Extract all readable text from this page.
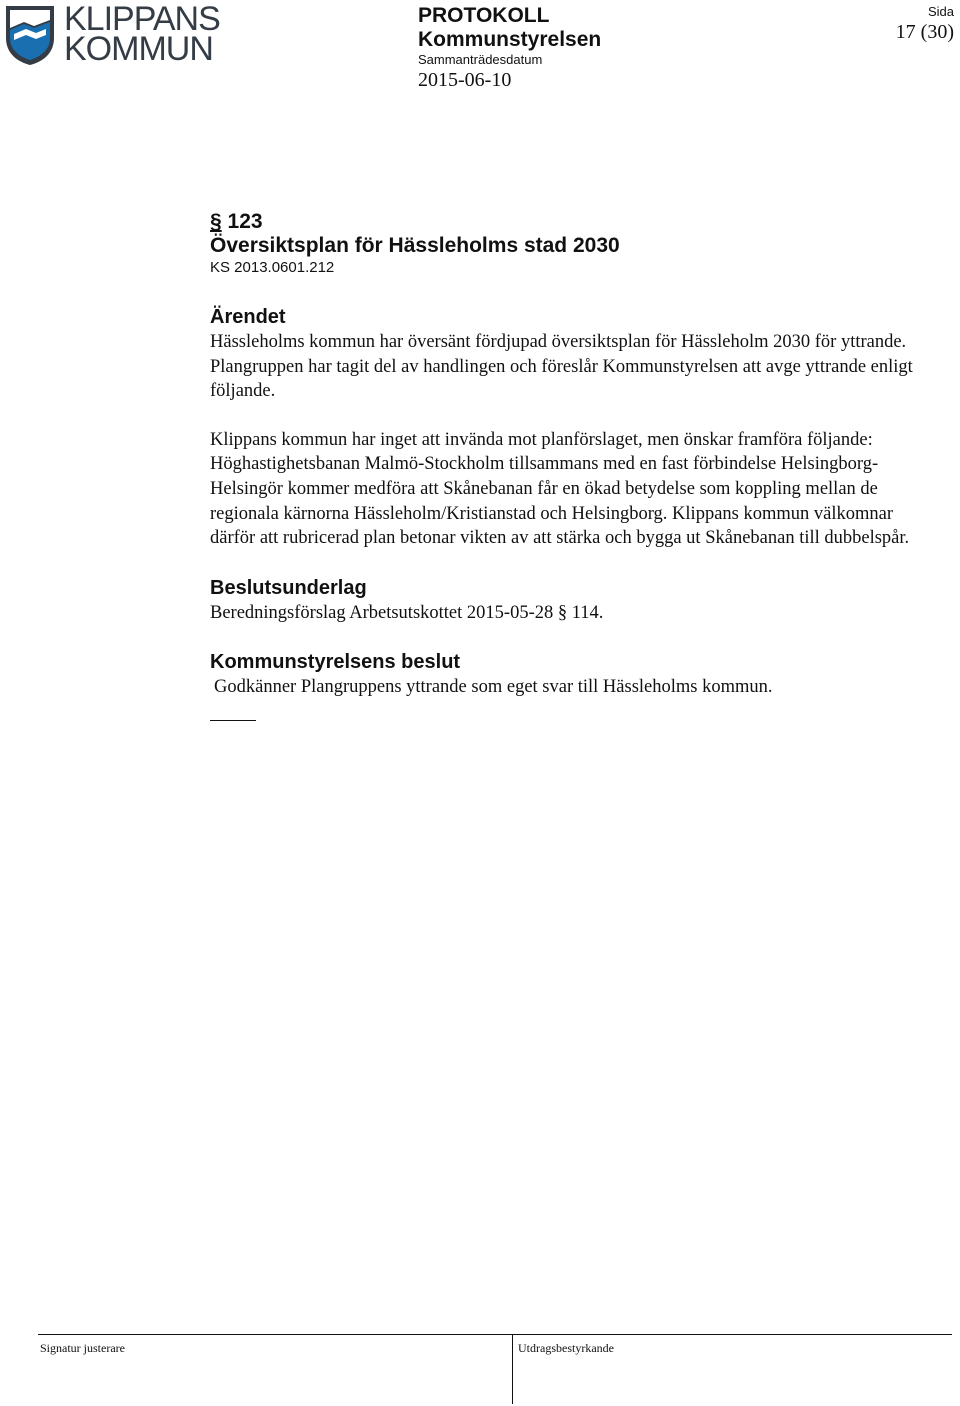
KLIPPANS
KOMMUN
PROTOKOLL
Kommunstyrelsen
Sammanträdesdatum
2015-06-10
Sida
17 (30)
§ 123
Översiktsplan för Hässleholms stad 2030
KS 2013.0601.212
Ärendet

Hässleholms kommun har översänt fördjupad översiktsplan för Hässleholm 2030 för yttrande. Plangruppen har tagit del av handlingen och föreslår Kommunstyrelsen att avge yttrande enligt följande.

Klippans kommun har inget att invända mot planförslaget, men önskar framföra följande: Höghastighetsbanan Malmö-Stockholm tillsammans med en fast förbindelse Helsingborg-Helsingör kommer medföra att Skånebanan får en ökad betydelse som koppling mellan de regionala kärnorna Hässleholm/Kristianstad och Helsingborg. Klippans kommun välkomnar därför att rubricerad plan betonar vikten av att stärka och bygga ut Skånebanan till dubbelspår.

Beslutsunderlag

Beredningsförslag Arbetsutskottet 2015-05-28 § 114.

Kommunstyrelsens beslut

Godkänner Plangruppens yttrande som eget svar till Hässleholms kommun.

Signatur justerare	Utdragsbestyrkande
